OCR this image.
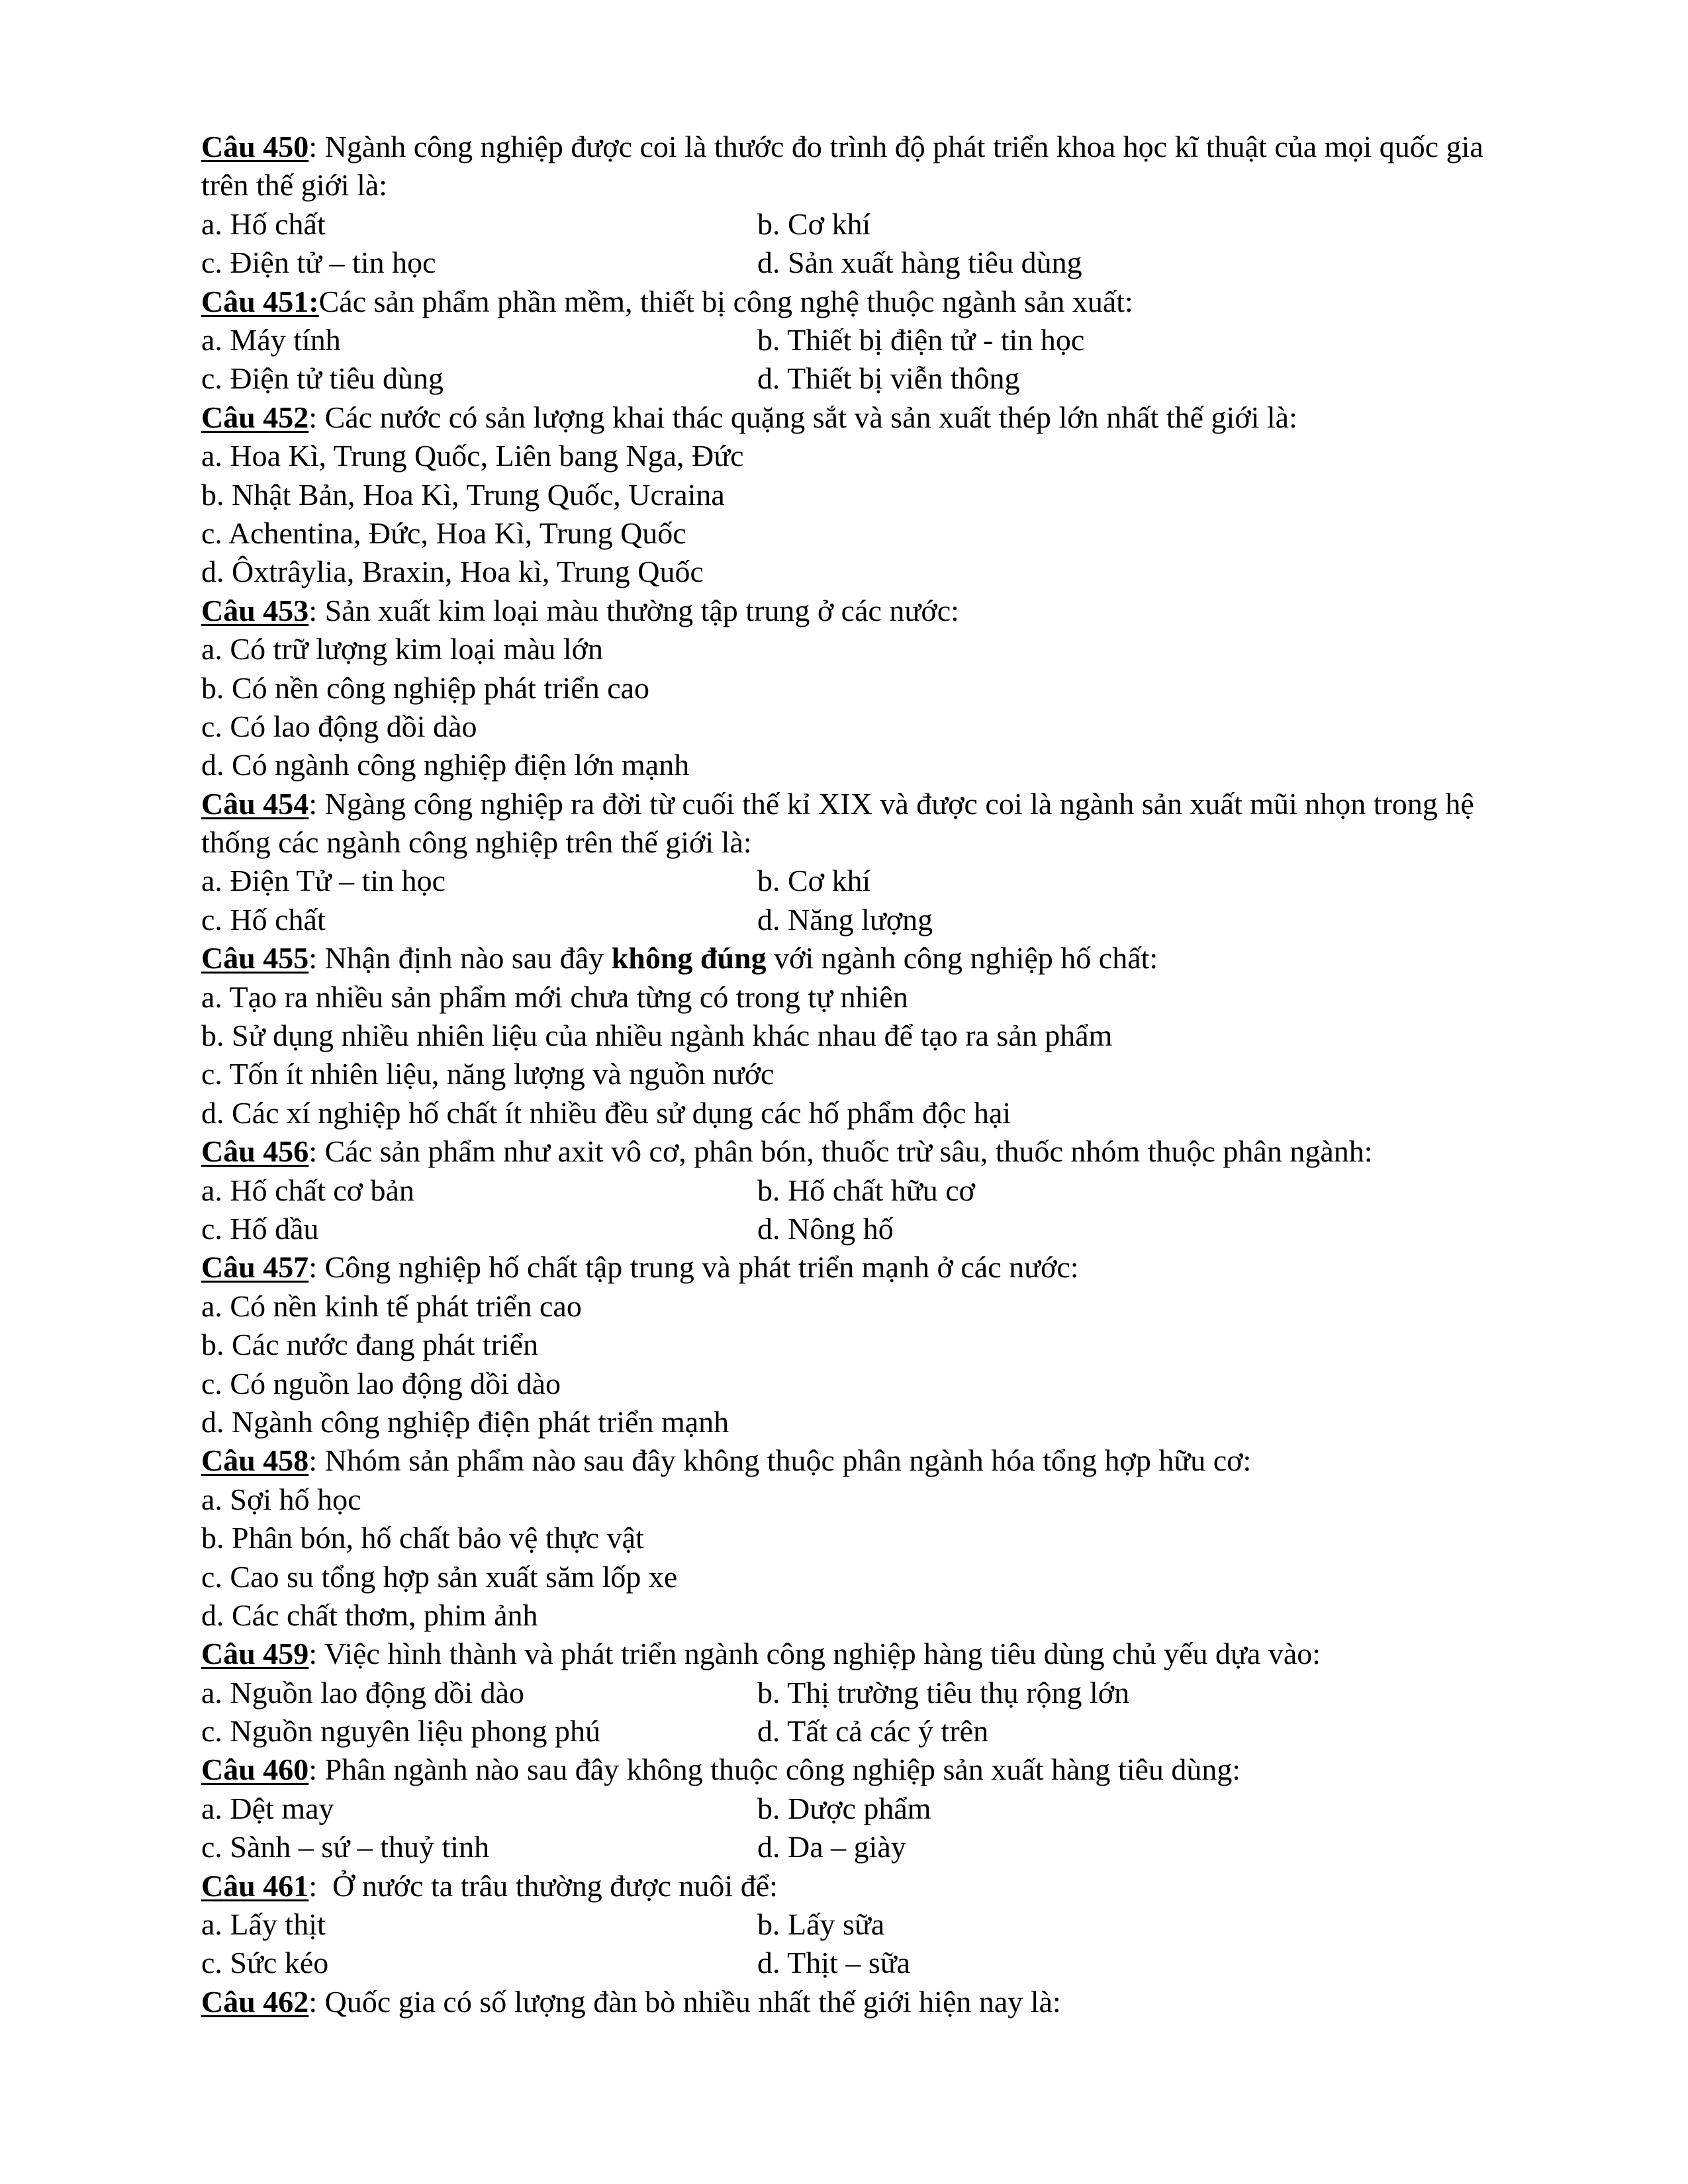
Câu 450: Ngành công nghiệp được coi là thước đo trình độ phát triển khoa học kĩ thuật của mọi quốc gia trên thế giới là:
a. Hố chất	b. Cơ khí
c. Điện tử – tin học	d. Sản xuất hàng tiêu dùng
Câu 451:Các sản phẩm phần mềm, thiết bị công nghệ thuộc ngành sản xuất:
a. Máy tính	b. Thiết bị điện tử - tin học
c. Điện tử tiêu dùng	d. Thiết bị viễn thông
Câu 452: Các nước có sản lượng khai thác quặng sắt và sản xuất thép lớn nhất thế giới là:
a. Hoa Kì, Trung Quốc, Liên bang Nga, Đức
b. Nhật Bản, Hoa Kì, Trung Quốc, Ucraina
c. Achentina, Đức, Hoa Kì, Trung Quốc
d. Ôxtrâylia, Braxin, Hoa kì, Trung Quốc
Câu 453: Sản xuất kim loại màu thường tập trung ở các nước:
a. Có trữ lượng kim loại màu lớn
b. Có nền công nghiệp phát triển cao
c. Có lao động dồi dào
d. Có ngành công nghiệp điện lớn mạnh
Câu 454: Ngàng công nghiệp ra đời từ cuối thế kỉ XIX và được coi là ngành sản xuất mũi nhọn trong hệ thống các ngành công nghiệp trên thế giới là:
a. Điện Tử – tin học	b. Cơ khí
c. Hố chất	d. Năng lượng
Câu 455: Nhận định nào sau đây không đúng với ngành công nghiệp hố chất:
a. Tạo ra nhiều sản phẩm mới chưa từng có trong tự nhiên
b. Sử dụng nhiều nhiên liệu của nhiều ngành khác nhau để tạo ra sản phẩm
c. Tốn ít nhiên liệu, năng lượng và nguồn nước
d. Các xí nghiệp hố chất ít nhiều đều sử dụng các hố phẩm độc hại
Câu 456: Các sản phẩm như axit vô cơ, phân bón, thuốc trừ sâu, thuốc nhóm thuộc phân ngành:
a. Hố chất cơ bản	b. Hố chất hữu cơ
c. Hố dầu	d. Nông hố
Câu 457: Công nghiệp hố chất tập trung và phát triển mạnh ở các nước:
a. Có nền kinh tế phát triển cao
b. Các nước đang phát triển
c. Có nguồn lao động dồi dào
d. Ngành công nghiệp điện phát triển mạnh
Câu 458: Nhóm sản phẩm nào sau đây không thuộc phân ngành hóa tổng hợp hữu cơ:
a. Sợi hố học
b. Phân bón, hố chất bảo vệ thực vật
c. Cao su tổng hợp sản xuất săm lốp xe
d. Các chất thơm, phim ảnh
Câu 459: Việc hình thành và phát triển ngành công nghiệp hàng tiêu dùng chủ yếu dựa vào:
a. Nguồn lao động dồi dào	b. Thị trường tiêu thụ rộng lớn
c. Nguồn nguyên liệu phong phú	d. Tất cả các ý trên
Câu 460: Phân ngành nào sau đây không thuộc công nghiệp sản xuất hàng tiêu dùng:
a. Dệt may	b. Dược phẩm
c. Sành – sứ – thuỷ tinh	d. Da – giày
Câu 461:  Ở nước ta trâu thường được nuôi để:
a. Lấy thịt	b. Lấy sữa
c. Sức kéo	d. Thịt – sữa
Câu 462: Quốc gia có số lượng đàn bò nhiều nhất thế giới hiện nay là:
